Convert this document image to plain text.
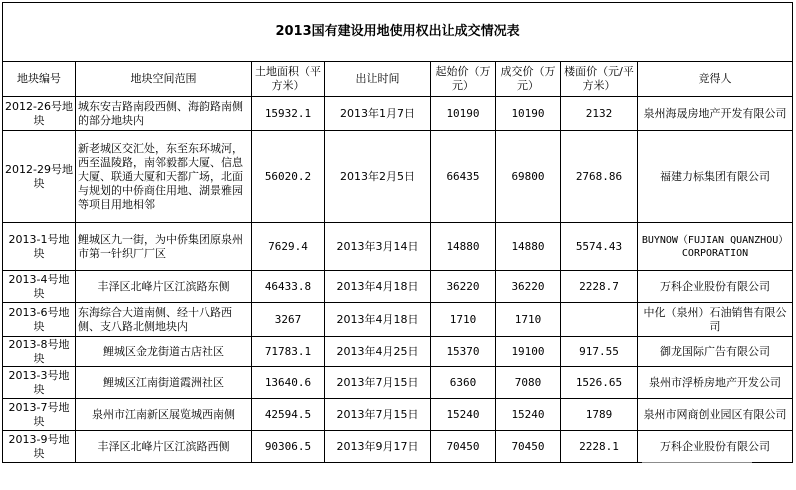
2013国有建设用地使用权出让成交情况表							
地块编号	地块空间范围	土地面积（平方米）	出让时间	起始价（万元）	成交价（万元）	楼面价（元/平方米）	竞得人
2012-26号地块	城东安吉路南段西侧、海韵路南侧的部分地块内	15932.1	2013年1月7日	10190	10190	2132	泉州海晟房地产开发有限公司
2012-29号地块	新老城区交汇处，东至东环城河，西至温陵路，南邻毅都大厦、信息大厦、联通大厦和天都广场，北面与规划的中侨商住用地、湖景雅园等项目用地相邻	56020.2	2013年2月5日	66435	69800	2768.86	福建力标集团有限公司
2013-1号地块	鲤城区九一街，为中侨集团原泉州市第一针织厂厂区	7629.4	2013年3月14日	14880	14880	5574.43	BUYNOW（FUJIAN QUANZHOU）CORPORATION
2013-4号地块	丰泽区北峰片区江滨路东侧	46433.8	2013年4月18日	36220	36220	2228.7	万科企业股份有限公司
2013-6号地块	东海综合大道南侧、经十八路西侧、支八路北侧地块内	3267	2013年4月18日	1710	1710		中化（泉州）石油销售有限公司
2013-8号地块	鲤城区金龙街道古店社区	71783.1	2013年4月25日	15370	19100	917.55	御龙国际广告有限公司
2013-3号地块	鲤城区江南街道霞洲社区	13640.6	2013年7月15日	6360	7080	1526.65	泉州市浮桥房地产开发公司
2013-7号地块	泉州市江南新区展览城西南侧	42594.5	2013年7月15日	15240	15240	1789	泉州市网商创业园区有限公司
2013-9号地块	丰泽区北峰片区江滨路西侧	90306.5	2013年9月17日	70450	70450	2228.1	万科企业股份有限公司
